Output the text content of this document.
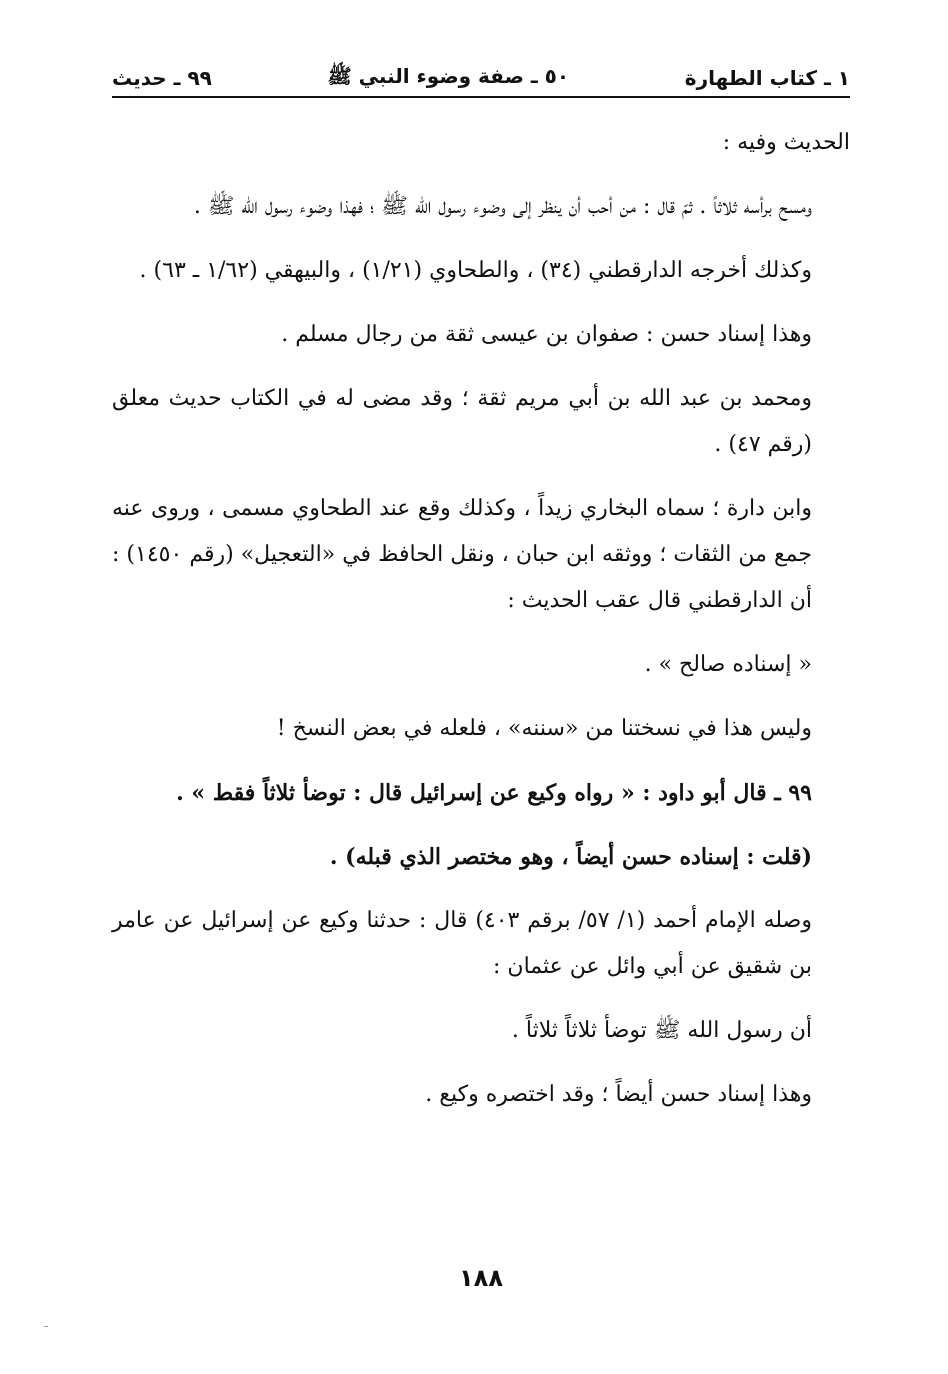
١ ـ كتاب الطهارة
٥٠ ـ صفة وضوء النبي ﷺ
٩٩ ـ حديث

الحديث وفيه :

ومسح برأسه ثلاثاً . ثمّ قال : من أحب أن ينظر إلى وضوء رسول الله ﷺ ؛ فهذا وضوء رسول الله ﷺ .

وكذلك أخرجه الدارقطني (٣٤) ، والطحاوي (١/٢١) ، والبيهقي (١/٦٢ ـ ٦٣) .

وهذا إسناد حسن : صفوان بن عيسى ثقة من رجال مسلم .

ومحمد بن عبد الله بن أبي مريم ثقة ؛ وقد مضى له في الكتاب حديث معلق (رقم ٤٧) .

وابن دارة ؛ سماه البخاري زيداً ، وكذلك وقع عند الطحاوي مسمى ، وروى عنه جمع من الثقات ؛ ووثقه ابن حبان ، ونقل الحافظ في «التعجيل» (رقم ١٤٥٠) : أن الدارقطني قال عقب الحديث :

« إسناده صالح » .

وليس هذا في نسختنا من «سننه» ، فلعله في بعض النسخ !

٩٩ ـ قال أبو داود : « رواه وكيع عن إسرائيل قال : توضأ ثلاثاً فقط » .

(قلت : إسناده حسن أيضاً ، وهو مختصر الذي قبله) .

وصله الإمام أحمد (١/ ٥٧/ برقم ٤٠٣) قال : حدثنا وكيع عن إسرائيل عن عامر بن شقيق عن أبي وائل عن عثمان :

أن رسول الله ﷺ توضأ ثلاثاً ثلاثاً .

وهذا إسناد حسن أيضاً ؛ وقد اختصره وكيع .

١٨٨
